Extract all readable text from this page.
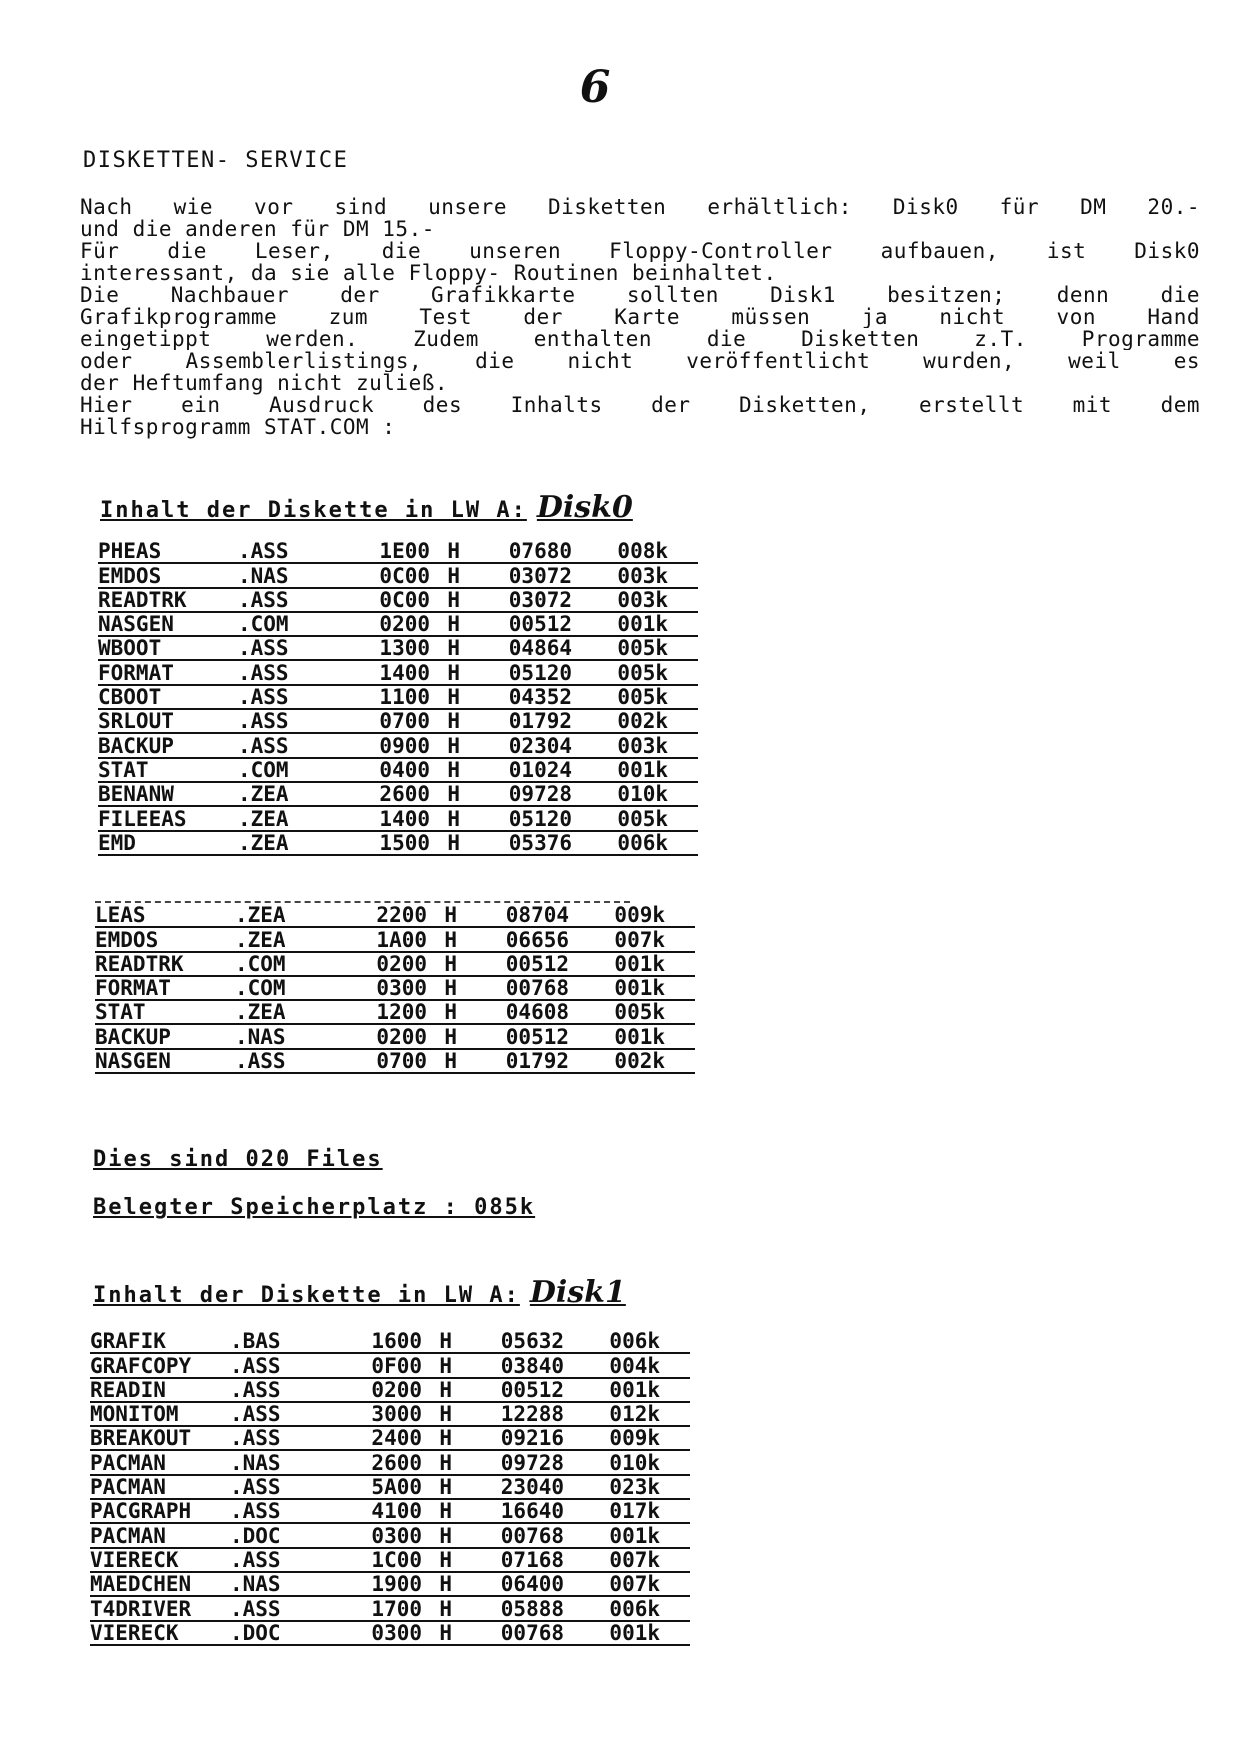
6
DISKETTEN- SERVICE
Nach wie vor sind unsere Disketten erhältlich: Disk0 für DM 20.-
und die anderen für DM 15.-
Für die Leser, die unseren Floppy-Controller aufbauen, ist Disk0
interessant, da sie alle Floppy- Routinen beinhaltet.
Die Nachbauer der Grafikkarte sollten Disk1 besitzen; denn die
Grafikprogramme zum Test der Karte müssen ja nicht von Hand
eingetippt werden. Zudem enthalten die Disketten z.T. Programme
oder Assemblerlistings, die nicht veröffentlicht wurden, weil es
der Heftumfang nicht zuließ.
Hier ein Ausdruck des Inhalts der Disketten, erstellt mit dem
Hilfsprogramm STAT.COM :
Inhalt der Diskette in LW A: Disk0
PHEAS	.ASS	1E00 H	07680	008k
EMDOS	.NAS	0C00 H	03072	003k
READTRK	.ASS	0C00 H	03072	003k
NASGEN	.COM	0200 H	00512	001k
WBOOT	.ASS	1300 H	04864	005k
FORMAT	.ASS	1400 H	05120	005k
CBOOT	.ASS	1100 H	04352	005k
SRLOUT	.ASS	0700 H	01792	002k
BACKUP	.ASS	0900 H	02304	003k
STAT	.COM	0400 H	01024	001k
BENANW	.ZEA	2600 H	09728	010k
FILEEAS	.ZEA	1400 H	05120	005k
EMD	.ZEA	1500 H	05376	006k
LEAS	.ZEA	2200 H	08704	009k
EMDOS	.ZEA	1A00 H	06656	007k
READTRK	.COM	0200 H	00512	001k
FORMAT	.COM	0300 H	00768	001k
STAT	.ZEA	1200 H	04608	005k
BACKUP	.NAS	0200 H	00512	001k
NASGEN	.ASS	0700 H	01792	002k
Dies sind 020 Files
Belegter Speicherplatz : 085k
Inhalt der Diskette in LW A: Disk1
GRAFIK	.BAS	1600 H	05632	006k
GRAFCOPY	.ASS	0F00 H	03840	004k
READIN	.ASS	0200 H	00512	001k
MONITOM	.ASS	3000 H	12288	012k
BREAKOUT	.ASS	2400 H	09216	009k
PACMAN	.NAS	2600 H	09728	010k
PACMAN	.ASS	5A00 H	23040	023k
PACGRAPH	.ASS	4100 H	16640	017k
PACMAN	.DOC	0300 H	00768	001k
VIERECK	.ASS	1C00 H	07168	007k
MAEDCHEN	.NAS	1900 H	06400	007k
T4DRIVER	.ASS	1700 H	05888	006k
VIERECK	.DOC	0300 H	00768	001k
